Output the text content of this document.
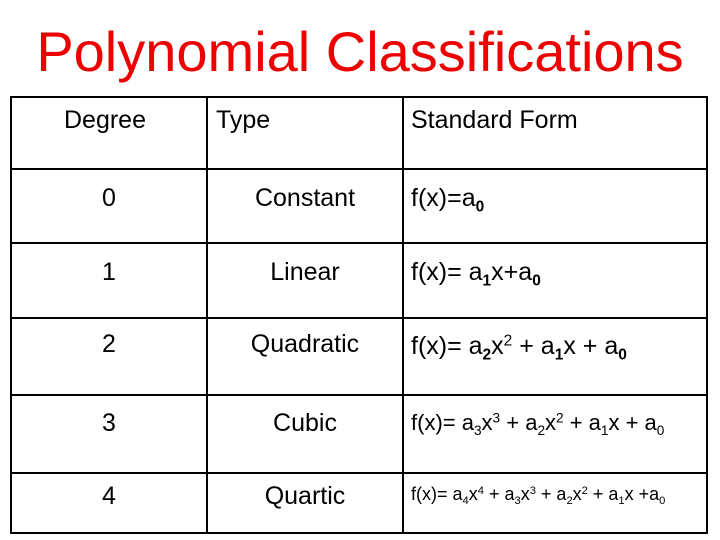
Polynomial Classifications
Degree	Type	Standard Form
0	Constant	$f(x)=a_0$
1	Linear	$f(x)= a_1x+a_0$
2	Quadratic	$f(x)= a_2x^2 + a_1x + a_0$
3	Cubic	$f(x)= a_3x^3 + a_2x^2 + a_1x + a_0$
4	Quartic	$f(x)= a_4x^4 + a_3x^3 + a_2x^2 + a_1x +a_0$
